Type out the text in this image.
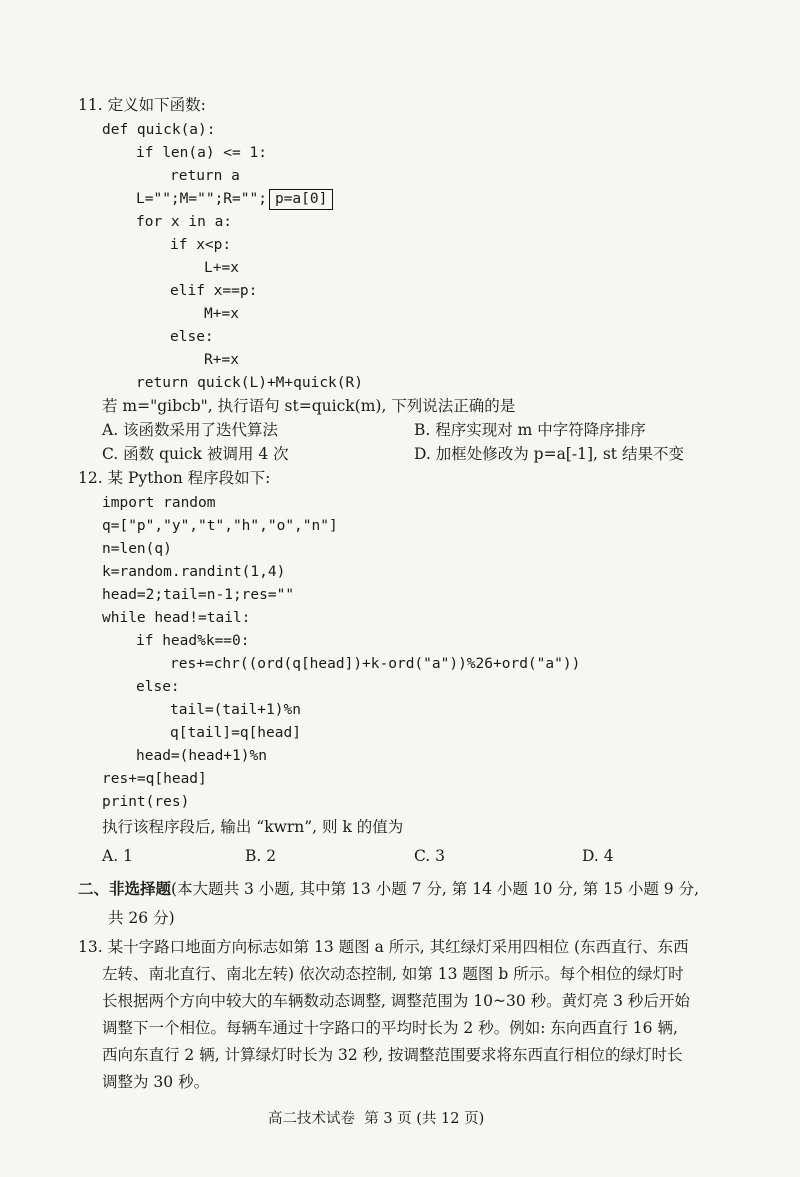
11. 定义如下函数:
def quick(a):
if len(a) <= 1:
return a
L="";M="";R=""; p=a[0]
for x in a:
if x<p:
L+=x
elif x==p:
M+=x
else:
R+=x
return quick(L)+M+quick(R)
若 m="gibcb", 执行语句 st=quick(m), 下列说法正确的是
A. 该函数采用了迭代算法	B. 程序实现对 m 中字符降序排序
C. 函数 quick 被调用 4 次	D. 加框处修改为 p=a[-1], st 结果不变
12. 某 Python 程序段如下:
import random
q=["p","y","t","h","o","n"]
n=len(q)
k=random.randint(1,4)
head=2;tail=n-1;res=""
while head!=tail:
if head%k==0:
res+=chr((ord(q[head])+k-ord("a"))%26+ord("a"))
else:
tail=(tail+1)%n
q[tail]=q[head]
head=(head+1)%n
res+=q[head]
print(res)
执行该程序段后, 输出 “kwrn”, 则 k 的值为
A. 1	B. 2	C. 3	D. 4
二、非选择题(本大题共 3 小题, 其中第 13 小题 7 分, 第 14 小题 10 分, 第 15 小题 9 分,
共 26 分)
13. 某十字路口地面方向标志如第 13 题图 a 所示, 其红绿灯采用四相位 (东西直行、东西
左转、南北直行、南北左转) 依次动态控制, 如第 13 题图 b 所示。每个相位的绿灯时
长根据两个方向中较大的车辆数动态调整, 调整范围为 10~30 秒。黄灯亮 3 秒后开始
调整下一个相位。每辆车通过十字路口的平均时长为 2 秒。例如: 东向西直行 16 辆,
西向东直行 2 辆, 计算绿灯时长为 32 秒, 按调整范围要求将东西直行相位的绿灯时长
调整为 30 秒。
高二技术试卷  第 3 页 (共 12 页)
